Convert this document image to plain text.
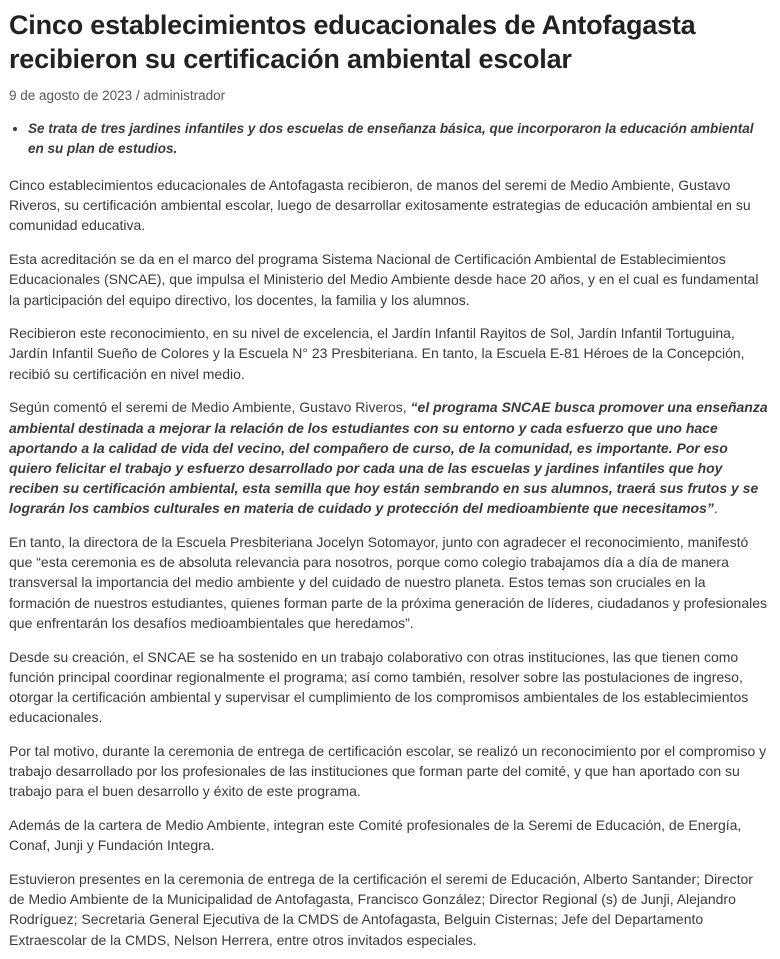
Cinco establecimientos educacionales de Antofagasta recibieron su certificación ambiental escolar
9 de agosto de 2023 / administrador
• Se trata de tres jardines infantiles y dos escuelas de enseñanza básica, que incorporaron la educación ambiental en su plan de estudios.

Cinco establecimientos educacionales de Antofagasta recibieron, de manos del seremi de Medio Ambiente, Gustavo Riveros, su certificación ambiental escolar, luego de desarrollar exitosamente estrategias de educación ambiental en su comunidad educativa.

Esta acreditación se da en el marco del programa Sistema Nacional de Certificación Ambiental de Establecimientos Educacionales (SNCAE), que impulsa el Ministerio del Medio Ambiente desde hace 20 años, y en el cual es fundamental la participación del equipo directivo, los docentes, la familia y los alumnos.

Recibieron este reconocimiento, en su nivel de excelencia, el Jardín Infantil Rayitos de Sol, Jardín Infantil Tortuguina, Jardín Infantil Sueño de Colores y la Escuela N° 23 Presbiteriana. En tanto, la Escuela E-81 Héroes de la Concepción, recibió su certificación en nivel medio.

Según comentó el seremi de Medio Ambiente, Gustavo Riveros, “el programa SNCAE busca promover una enseñanza ambiental destinada a mejorar la relación de los estudiantes con su entorno y cada esfuerzo que uno hace aportando a la calidad de vida del vecino, del compañero de curso, de la comunidad, es importante. Por eso quiero felicitar el trabajo y esfuerzo desarrollado por cada una de las escuelas y jardines infantiles que hoy reciben su certificación ambiental, esta semilla que hoy están sembrando en sus alumnos, traerá sus frutos y se lograrán los cambios culturales en materia de cuidado y protección del medioambiente que necesitamos”.

En tanto, la directora de la Escuela Presbiteriana Jocelyn Sotomayor, junto con agradecer el reconocimiento, manifestó que “esta ceremonia es de absoluta relevancia para nosotros, porque como colegio trabajamos día a día de manera transversal la importancia del medio ambiente y del cuidado de nuestro planeta. Estos temas son cruciales en la formación de nuestros estudiantes, quienes forman parte de la próxima generación de líderes, ciudadanos y profesionales que enfrentarán los desafíos medioambientales que heredamos”.

Desde su creación, el SNCAE se ha sostenido en un trabajo colaborativo con otras instituciones, las que tienen como función principal coordinar regionalmente el programa; así como también, resolver sobre las postulaciones de ingreso, otorgar la certificación ambiental y supervisar el cumplimiento de los compromisos ambientales de los establecimientos educacionales.

Por tal motivo, durante la ceremonia de entrega de certificación escolar, se realizó un reconocimiento por el compromiso y trabajo desarrollado por los profesionales de las instituciones que forman parte del comité, y que han aportado con su trabajo para el buen desarrollo y éxito de este programa.

Además de la cartera de Medio Ambiente, integran este Comité profesionales de la Seremi de Educación, de Energía, Conaf, Junji y Fundación Integra.

Estuvieron presentes en la ceremonia de entrega de la certificación el seremi de Educación, Alberto Santander; Director de Medio Ambiente de la Municipalidad de Antofagasta, Francisco González; Director Regional (s) de Junji, Alejandro Rodríguez; Secretaria General Ejecutiva de la CMDS de Antofagasta, Belguin Cisternas; Jefe del Departamento Extraescolar de la CMDS, Nelson Herrera, entre otros invitados especiales.
